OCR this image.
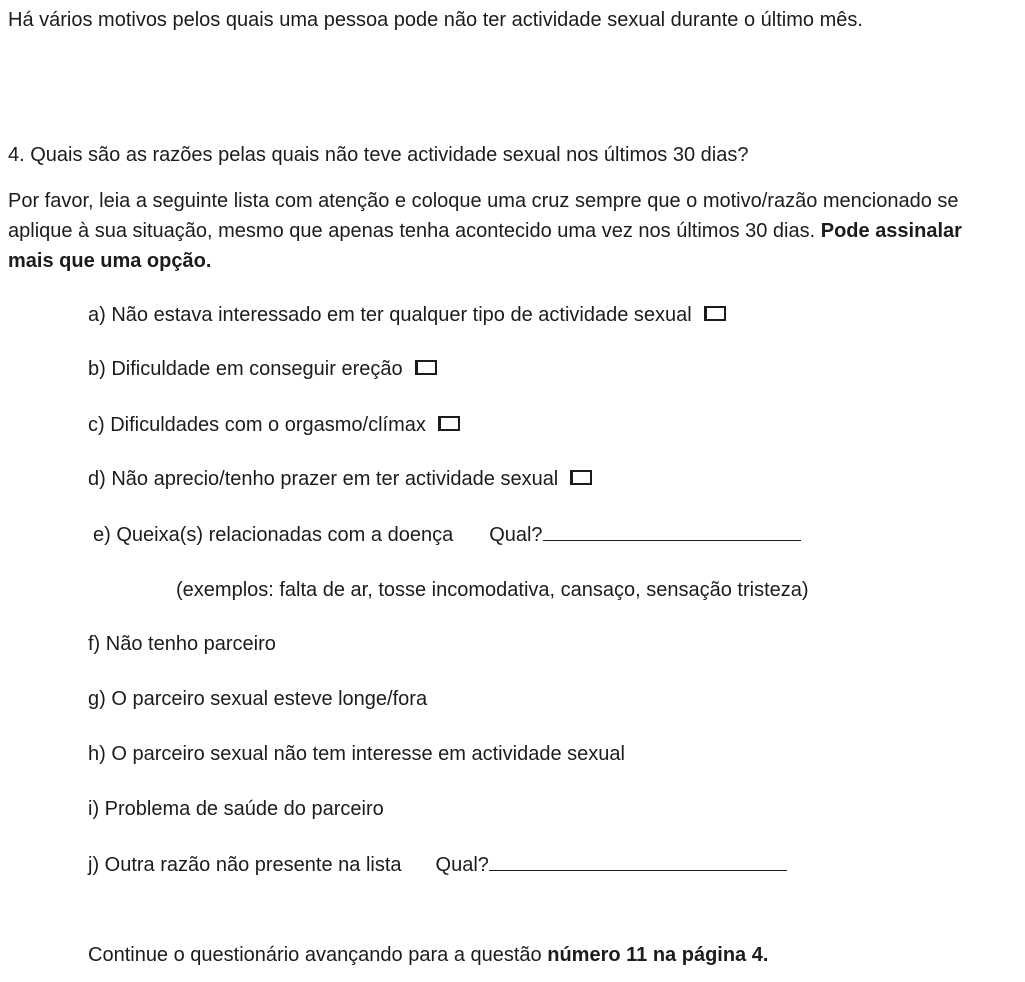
Há vários motivos pelos quais uma pessoa pode não ter actividade sexual durante o último mês.
4. Quais são as razões pelas quais não teve actividade sexual nos últimos 30 dias?
Por favor, leia a seguinte lista com atenção e coloque uma cruz sempre que o motivo/razão mencionado se aplique à sua situação, mesmo que apenas tenha acontecido uma vez nos últimos 30 dias. Pode assinalar mais que uma opção.
a) Não estava interessado em ter qualquer tipo de actividade sexual
b) Dificuldade em conseguir ereção
c) Dificuldades com o orgasmo/clímax
d) Não aprecio/tenho prazer em ter actividade sexual
e) Queixa(s) relacionadas com a doença Qual?
(exemplos: falta de ar, tosse incomodativa, cansaço, sensação tristeza)
f) Não tenho parceiro
g) O parceiro sexual esteve longe/fora
h) O parceiro sexual não tem interesse em actividade sexual
i) Problema de saúde do parceiro
j) Outra razão não presente na lista Qual?
Continue o questionário avançando para a questão número 11 na página 4.
